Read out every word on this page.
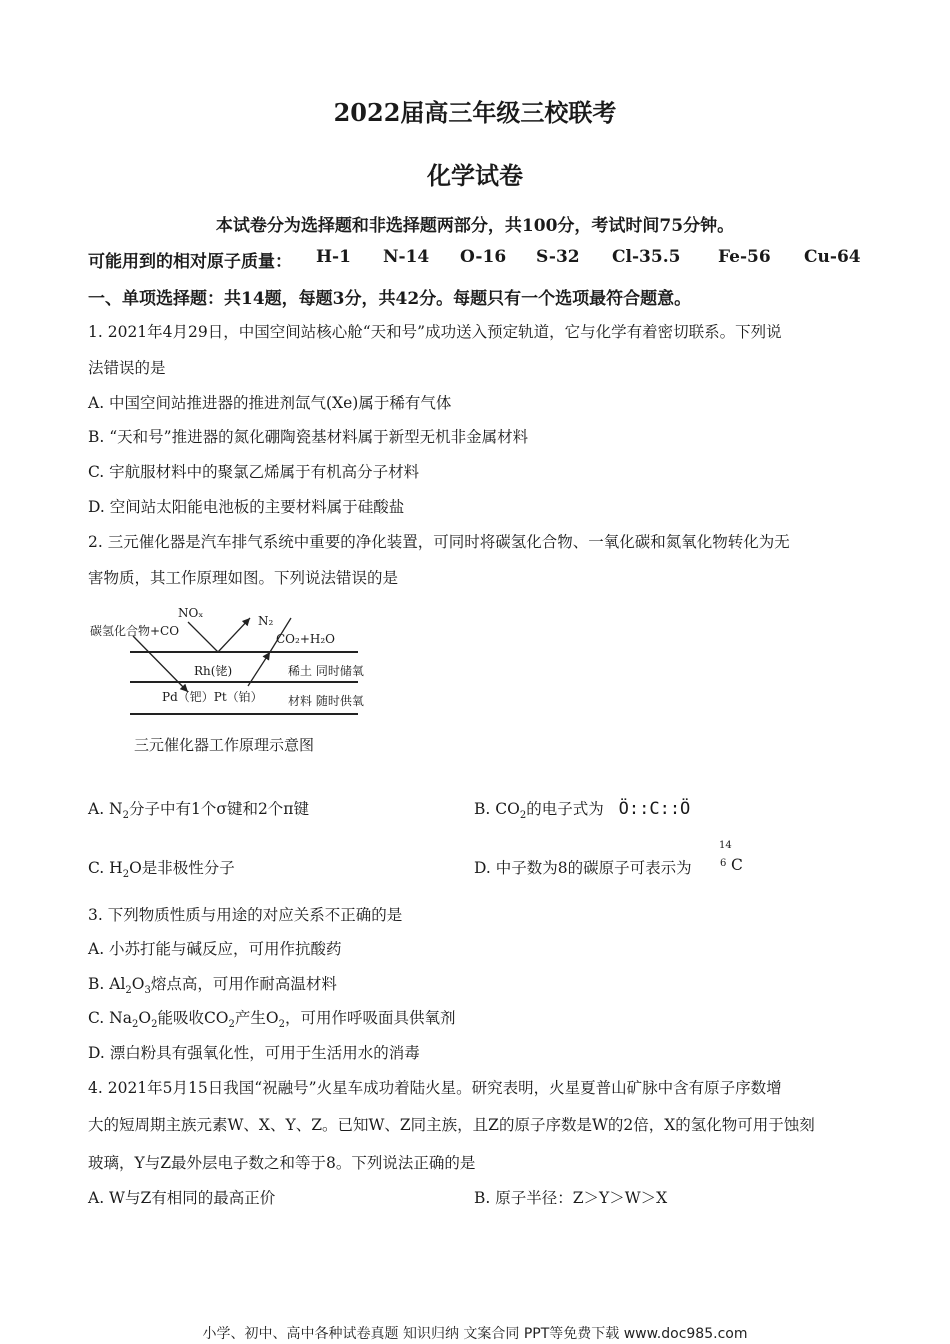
2022届高三年级三校联考
化学试卷
本试卷分为选择题和非选择题两部分，共100分，考试时间75分钟。
可能用到的相对原子质量： H-1 N-14 O-16 S-32 Cl-35.5 Fe-56 Cu-64
一、单项选择题：共14题，每题3分，共42分。每题只有一个选项最符合题意。
1. 2021年4月29日，中国空间站核心舱“天和号”成功送入预定轨道，它与化学有着密切联系。下列说
法错误的是
A. 中国空间站推进器的推进剂氙气(Xe)属于稀有气体
B. “天和号”推进器的氮化硼陶瓷基材料属于新型无机非金属材料
C. 宇航服材料中的聚氯乙烯属于有机高分子材料
D. 空间站太阳能电池板的主要材料属于硅酸盐
2. 三元催化器是汽车排气系统中重要的净化装置，可同时将碳氢化合物、一氧化碳和氮氧化物转化为无
害物质，其工作原理如图。下列说法错误的是
碳氢化合物+CO
NOₓ
N₂
CO₂+H₂O
Rh(铑)
Pd（钯）Pt（铂）
稀土 同时储氧
材料 随时供氧
三元催化器工作原理示意图
A. $N_2$分子中有1个σ键和2个π键	B. $CO_2$的电子式为 Ö::C::Ö
C. $H_2O$是非极性分子	D. 中子数为8的碳原子可表示为
14
6 C
3. 下列物质性质与用途的对应关系不正确的是
A. 小苏打能与碱反应，可用作抗酸药
B. $Al_2O_3$熔点高，可用作耐高温材料
C. $Na_2O_2$能吸收$CO_2$产生$O_2$，可用作呼吸面具供氧剂
D. 漂白粉具有强氧化性，可用于生活用水的消毒
4. 2021年5月15日我国“祝融号”火星车成功着陆火星。研究表明，火星夏普山矿脉中含有原子序数增
大的短周期主族元素W、X、Y、Z。已知W、Z同主族，且Z的原子序数是W的2倍，X的氢化物可用于蚀刻
玻璃，Y与Z最外层电子数之和等于8。下列说法正确的是
A. W与Z有相同的最高正价	B. 原子半径：Z＞Y＞W＞X
小学、初中、高中各种试卷真题 知识归纳 文案合同 PPT等免费下载 www.doc985.com
